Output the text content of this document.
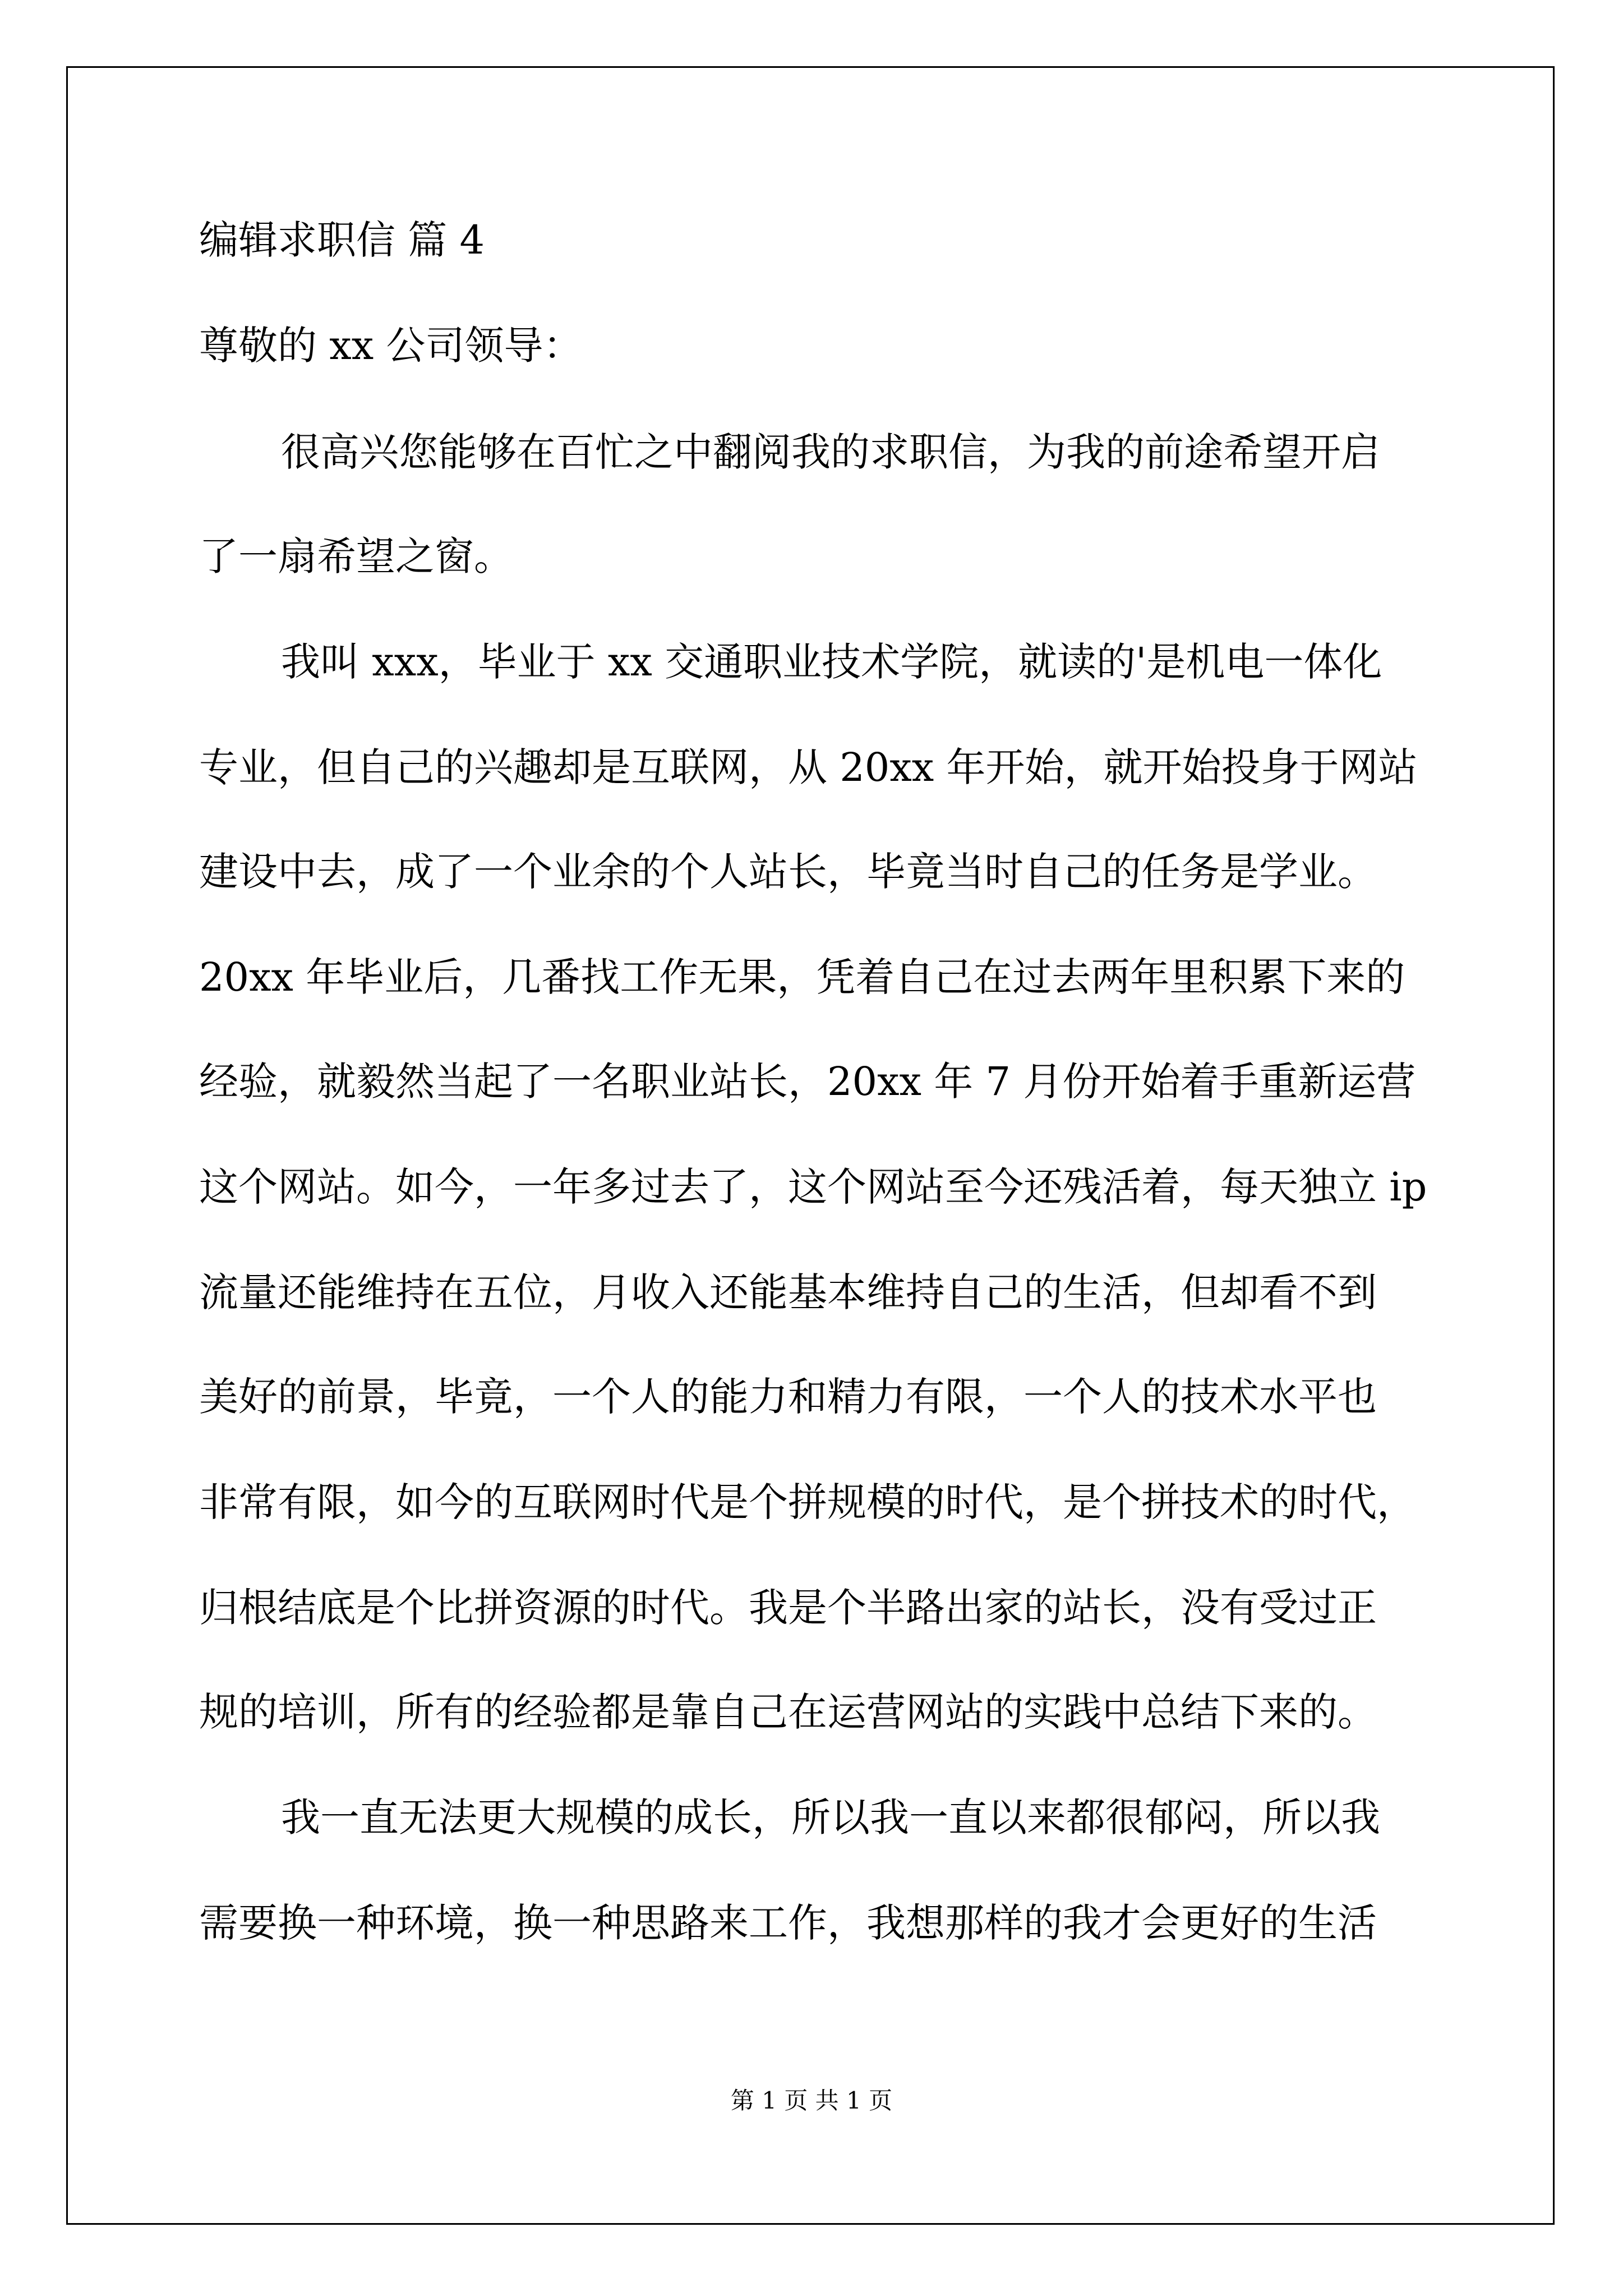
编辑求职信 篇 4
尊敬的 xx 公司领导：
很高兴您能够在百忙之中翻阅我的求职信，为我的前途希望开启
了一扇希望之窗。
我叫 xxx，毕业于 xx 交通职业技术学院，就读的'是机电一体化
专业，但自己的兴趣却是互联网，从 20xx 年开始，就开始投身于网站
建设中去，成了一个业余的个人站长，毕竟当时自己的任务是学业。
20xx 年毕业后，几番找工作无果，凭着自己在过去两年里积累下来的
经验，就毅然当起了一名职业站长，20xx 年 7 月份开始着手重新运营
这个网站。如今，一年多过去了，这个网站至今还残活着，每天独立 ip
流量还能维持在五位，月收入还能基本维持自己的生活，但却看不到
美好的前景，毕竟，一个人的能力和精力有限，一个人的技术水平也
非常有限，如今的互联网时代是个拼规模的时代，是个拼技术的时代，
归根结底是个比拼资源的时代。我是个半路出家的站长，没有受过正
规的培训，所有的经验都是靠自己在运营网站的实践中总结下来的。
我一直无法更大规模的成长，所以我一直以来都很郁闷，所以我
需要换一种环境，换一种思路来工作，我想那样的我才会更好的生活
第 1 页 共 1 页
